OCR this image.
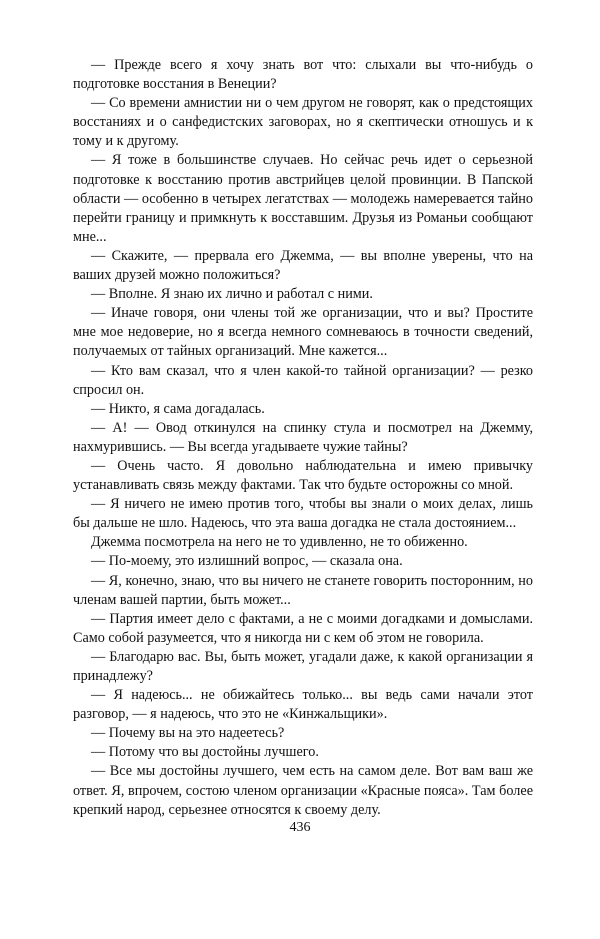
— Прежде всего я хочу знать вот что: слыхали вы что-нибудь о подготовке восстания в Венеции?

— Со времени амнистии ни о чем другом не говорят, как о предстоящих восстаниях и о санфедистских заговорах, но я скептически отношусь и к тому и к другому.

— Я тоже в большинстве случаев. Но сейчас речь идет о серьезной подготовке к восстанию против австрийцев целой провинции. В Папской области — особенно в четырех легатствах — молодежь намеревается тайно перейти границу и примкнуть к восставшим. Друзья из Романьи сообщают мне...

— Скажите, — прервала его Джемма, — вы вполне уверены, что на ваших друзей можно положиться?

— Вполне. Я знаю их лично и работал с ними.

— Иначе говоря, они члены той же организации, что и вы? Простите мне мое недоверие, но я всегда немного сомневаюсь в точности сведений, получаемых от тайных организаций. Мне кажется...

— Кто вам сказал, что я член какой-то тайной организации? — резко спросил он.

— Никто, я сама догадалась.

— А! — Овод откинулся на спинку стула и посмотрел на Джемму, нахмурившись. — Вы всегда угадываете чужие тайны?

— Очень часто. Я довольно наблюдательна и имею привычку устанавливать связь между фактами. Так что будьте осторожны со мной.

— Я ничего не имею против того, чтобы вы знали о моих делах, лишь бы дальше не шло. Надеюсь, что эта ваша догадка не стала достоянием...

Джемма посмотрела на него не то удивленно, не то обиженно.

— По-моему, это излишний вопрос, — сказала она.

— Я, конечно, знаю, что вы ничего не станете говорить посторонним, но членам вашей партии, быть может...

— Партия имеет дело с фактами, а не с моими догадками и домыслами. Само собой разумеется, что я никогда ни с кем об этом не говорила.

— Благодарю вас. Вы, быть может, угадали даже, к какой организации я принадлежу?

— Я надеюсь... не обижайтесь только... вы ведь сами начали этот разговор, — я надеюсь, что это не «Кинжальщики».

— Почему вы на это надеетесь?

— Потому что вы достойны лучшего.

— Все мы достойны лучшего, чем есть на самом деле. Вот вам ваш же ответ. Я, впрочем, состою членом организации «Красные пояса». Там более крепкий народ, серьезнее относятся к своему делу.

436
